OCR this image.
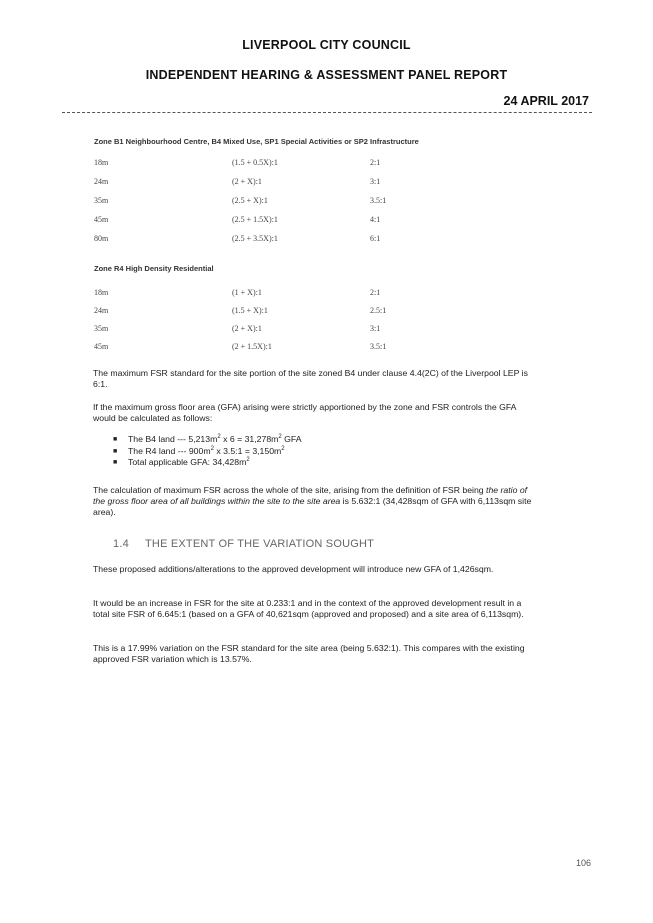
LIVERPOOL CITY COUNCIL
INDEPENDENT HEARING & ASSESSMENT PANEL REPORT
24 APRIL 2017
Zone B1 Neighbourhood Centre, B4 Mixed Use, SP1 Special Activities or SP2 Infrastructure
18m	(1.5 + 0.5X):1	2:1
24m	(2 + X):1	3:1
35m	(2.5 + X):1	3.5:1
45m	(2.5 + 1.5X):1	4:1
80m	(2.5 + 3.5X):1	6:1
Zone R4 High Density Residential
18m	(1 + X):1	2:1
24m	(1.5 + X):1	2.5:1
35m	(2 + X):1	3:1
45m	(2 + 1.5X):1	3.5:1

The maximum FSR standard for the site portion of the site zoned B4 under clause 4.4(2C) of the Liverpool LEP is 6:1.

If the maximum gross floor area (GFA) arising were strictly apportioned by the zone and FSR controls the GFA would be calculated as follows:

■ The B4 land --- $5,213m^2$ x $6 = 31,278m^2$ GFA
■ The R4 land --- $900m^2$ x 3.5:1 = $3,150m^2$
■ Total applicable GFA: $34,428m^2$

The calculation of maximum FSR across the whole of the site, arising from the definition of FSR being the ratio of the gross floor area of all buildings within the site to the site area is 5.632:1 (34,428sqm of GFA with 6,113sqm site area).

1.4 THE EXTENT OF THE VARIATION SOUGHT

These proposed additions/alterations to the approved development will introduce new GFA of 1,426sqm.

It would be an increase in FSR for the site at 0.233:1 and in the context of the approved development result in a total site FSR of 6.645:1 (based on a GFA of 40,621sqm (approved and proposed) and a site area of 6,113sqm).

This is a 17.99% variation on the FSR standard for the site area (being 5.632:1). This compares with the existing approved FSR variation which is 13.57%.

106
